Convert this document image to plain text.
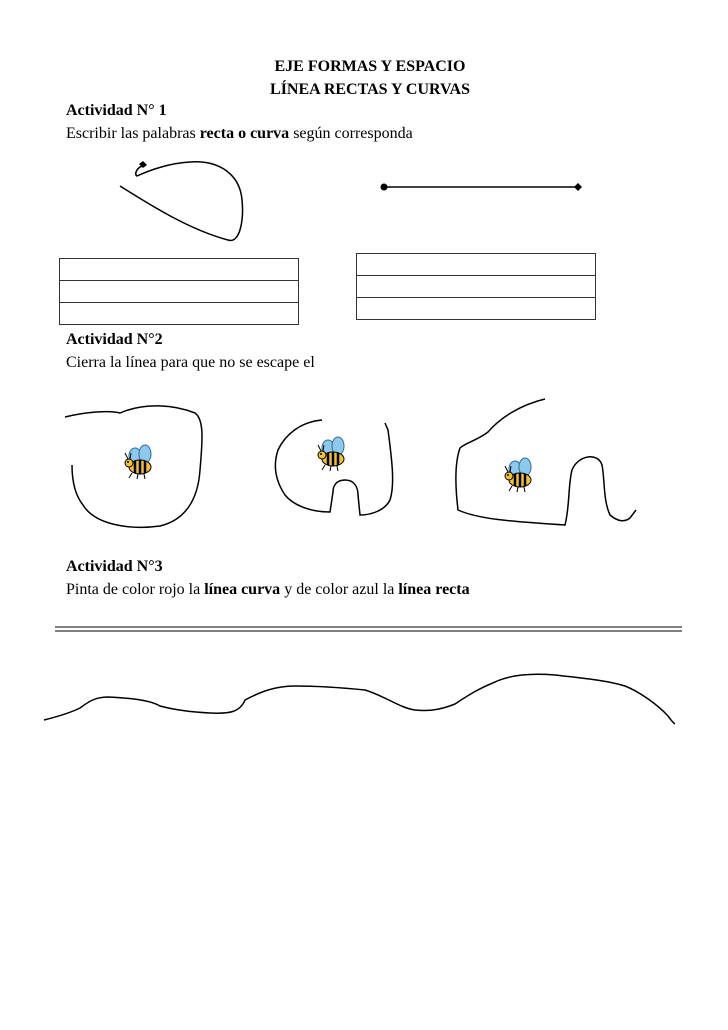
EJE FORMAS Y ESPACIO
LÍNEA RECTAS Y CURVAS
Actividad N° 1
Escribir las palabras recta o curva según corresponda

Actividad N°2
Cierra la línea para que no se escape el
Actividad N°3
Pinta de color rojo la línea curva y de color azul la línea recta
